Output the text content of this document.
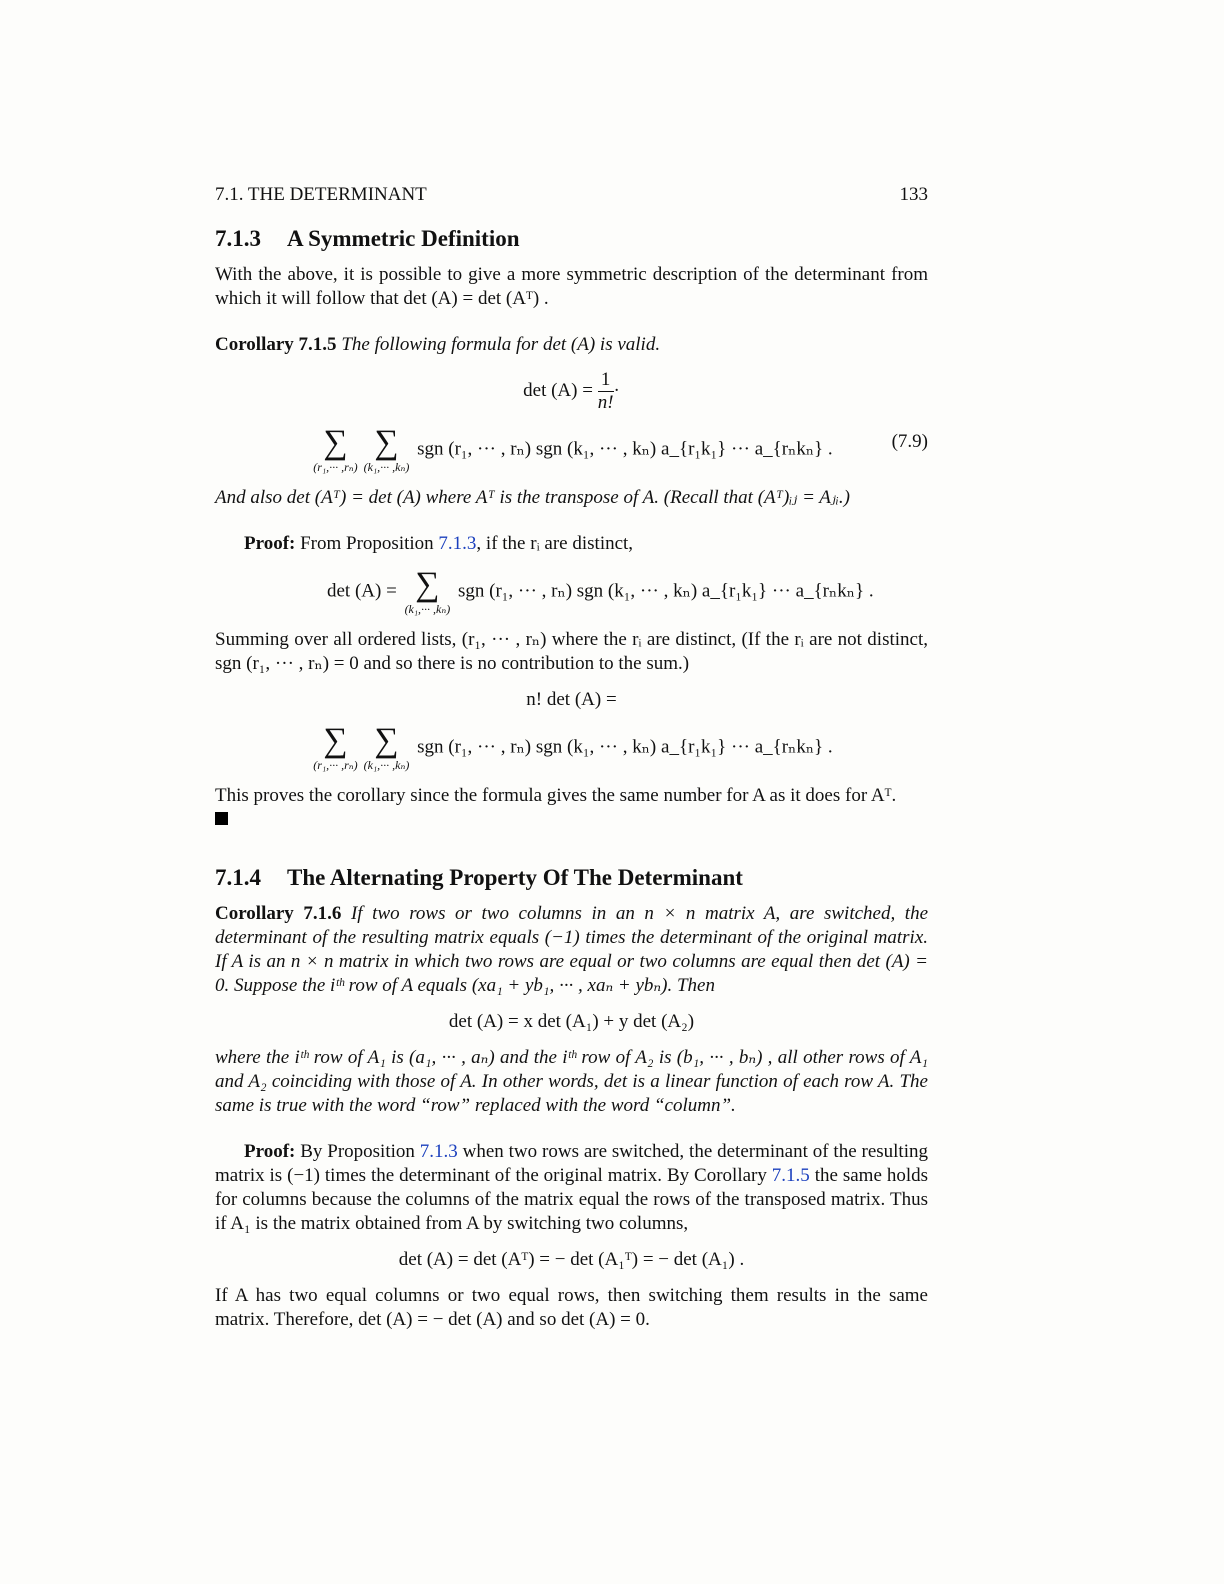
7.1. THE DETERMINANT	133
7.1.3 A Symmetric Definition

With the above, it is possible to give a more symmetric description of the determinant from which it will follow that det (A) = det (Aᵀ) .

Corollary 7.1.5 The following formula for det (A) is valid.

$\det (A) = \frac{1}{n!}$ ·
∑
(r₁,··· ,rₙ)
∑
(k₁,··· ,kₙ)
sgn (r₁, ··· , rₙ) sgn (k₁, ··· , kₙ) a_{r₁k₁} ··· a_{rₙkₙ} .	(7.9)

And also det (Aᵀ) = det (A) where Aᵀ is the transpose of A. (Recall that (Aᵀ)ᵢⱼ = Aⱼᵢ.)

Proof: From Proposition 7.1.3, if the rᵢ are distinct,

det (A) = ∑
(k₁,··· ,kₙ)
sgn (r₁, ··· , rₙ) sgn (k₁, ··· , kₙ) a_{r₁k₁} ··· a_{rₙkₙ} .

Summing over all ordered lists, (r₁, ··· , rₙ) where the rᵢ are distinct, (If the rᵢ are not distinct, sgn (r₁, ··· , rₙ) = 0 and so there is no contribution to the sum.)

n! det (A) =
∑
(r₁,··· ,rₙ)
∑
(k₁,··· ,kₙ)
sgn (r₁, ··· , rₙ) sgn (k₁, ··· , kₙ) a_{r₁k₁} ··· a_{rₙkₙ} .

This proves the corollary since the formula gives the same number for A as it does for Aᵀ.

7.1.4 The Alternating Property Of The Determinant

Corollary 7.1.6 If two rows or two columns in an n × n matrix A, are switched, the determinant of the resulting matrix equals (−1) times the determinant of the original matrix. If A is an n × n matrix in which two rows are equal or two columns are equal then det (A) = 0. Suppose the iᵗʰ row of A equals (xa₁ + yb₁, ··· , xaₙ + ybₙ). Then

det (A) = x det (A₁) + y det (A₂)

where the iᵗʰ row of A₁ is (a₁, ··· , aₙ) and the iᵗʰ row of A₂ is (b₁, ··· , bₙ) , all other rows of A₁ and A₂ coinciding with those of A. In other words, det is a linear function of each row A. The same is true with the word “row” replaced with the word “column”.

Proof: By Proposition 7.1.3 when two rows are switched, the determinant of the resulting matrix is (−1) times the determinant of the original matrix. By Corollary 7.1.5 the same holds for columns because the columns of the matrix equal the rows of the transposed matrix. Thus if A₁ is the matrix obtained from A by switching two columns,

det (A) = det (Aᵀ) = − det (A₁ᵀ) = − det (A₁) .

If A has two equal columns or two equal rows, then switching them results in the same matrix. Therefore, det (A) = − det (A) and so det (A) = 0.
